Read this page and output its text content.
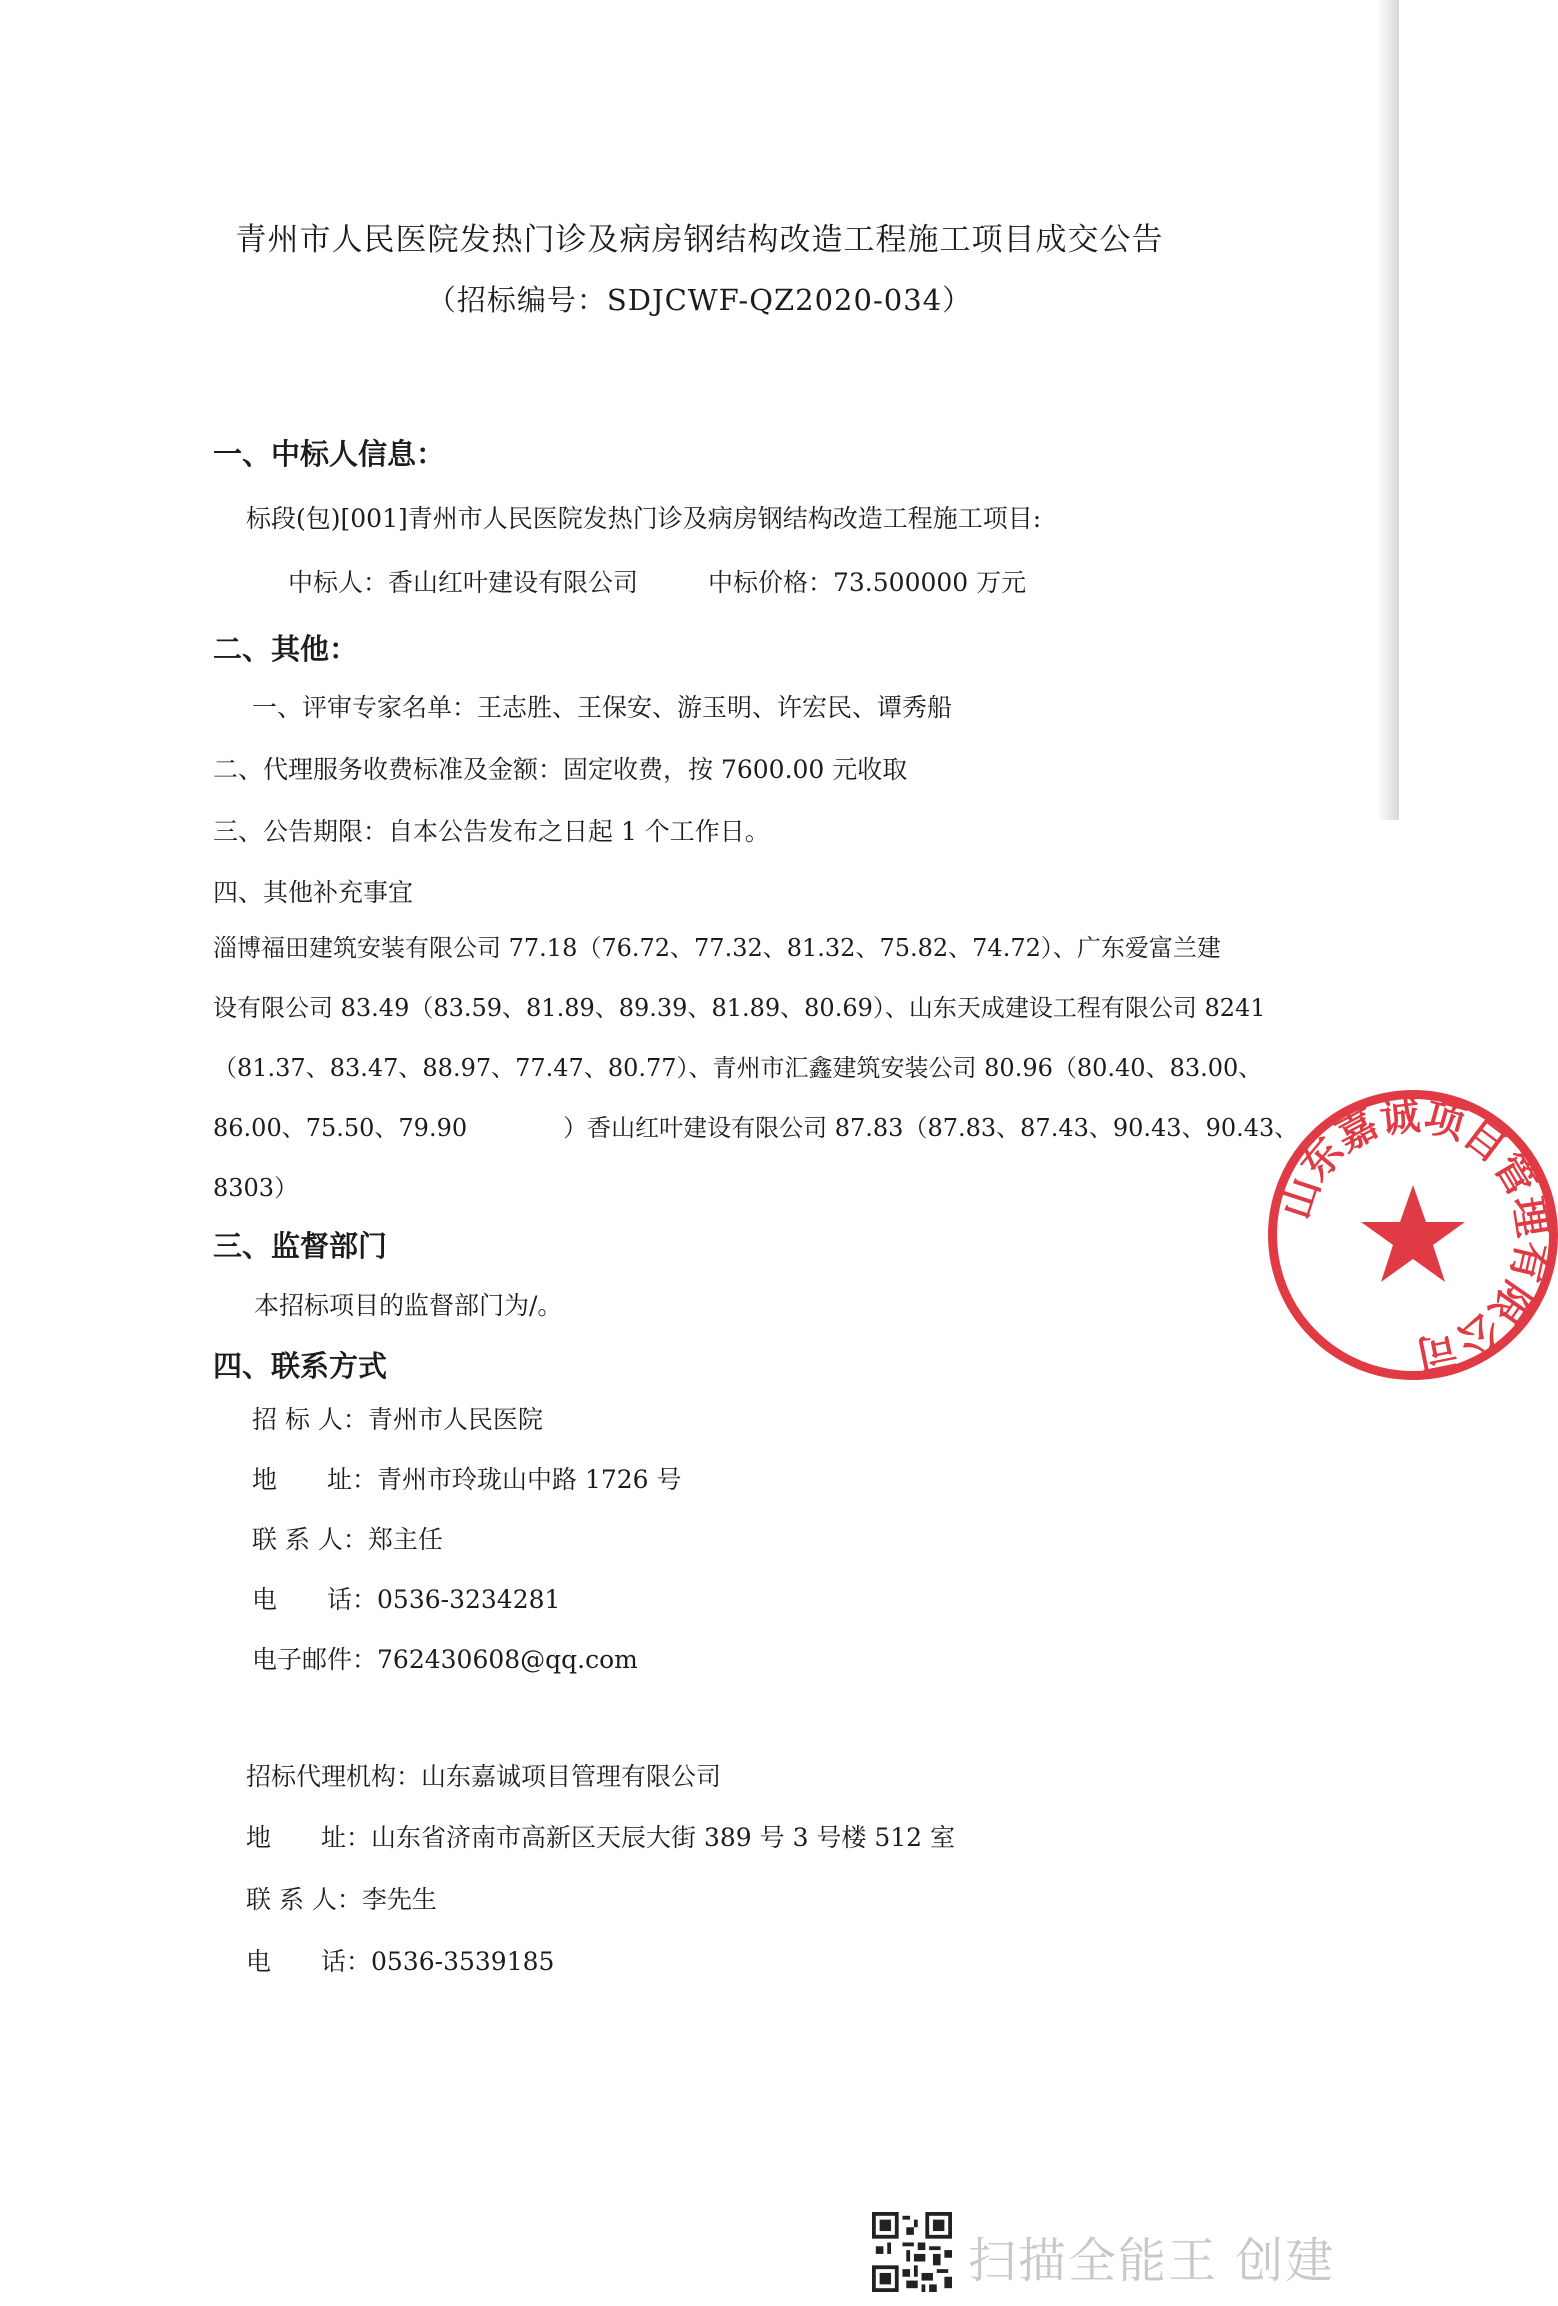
青州市人民医院发热门诊及病房钢结构改造工程施工项目成交公告
（招标编号：SDJCWF-QZ2020-034）
一、中标人信息：
标段(包)[001]青州市人民医院发热门诊及病房钢结构改造工程施工项目:
中标人：香山红叶建设有限公司	中标价格：73.500000 万元
二、其他：
一、评审专家名单：王志胜、王保安、游玉明、许宏民、谭秀船
二、代理服务收费标准及金额：固定收费，按 7600.00 元收取
三、公告期限：自本公告发布之日起 1 个工作日。
四、其他补充事宜
淄博福田建筑安装有限公司 77.18（76.72、77.32、81.32、75.82、74.72）、广东爱富兰建
设有限公司 83.49（83.59、81.89、89.39、81.89、80.69）、山东天成建设工程有限公司 8241
（81.37、83.47、88.97、77.47、80.77）、青州市汇鑫建筑安装公司 80.96（80.40、83.00、
86.00、75.50、79.90　　　　）香山红叶建设有限公司 87.83（87.83、87.43、90.43、90.43、
8303）
三、监督部门
本招标项目的监督部门为/。
四、联系方式
招 标 人：青州市人民医院
地　　址：青州市玲珑山中路 1726 号
联 系 人：郑主任
电　　话：0536-3234281
电子邮件：762430608@qq.com
招标代理机构：山东嘉诚项目管理有限公司
地　　址：山东省济南市高新区天辰大街 389 号 3 号楼 512 室
联 系 人：李先生
电　　话：0536-3539185
山东嘉诚项目管理有限公司
扫描全能王 创建
